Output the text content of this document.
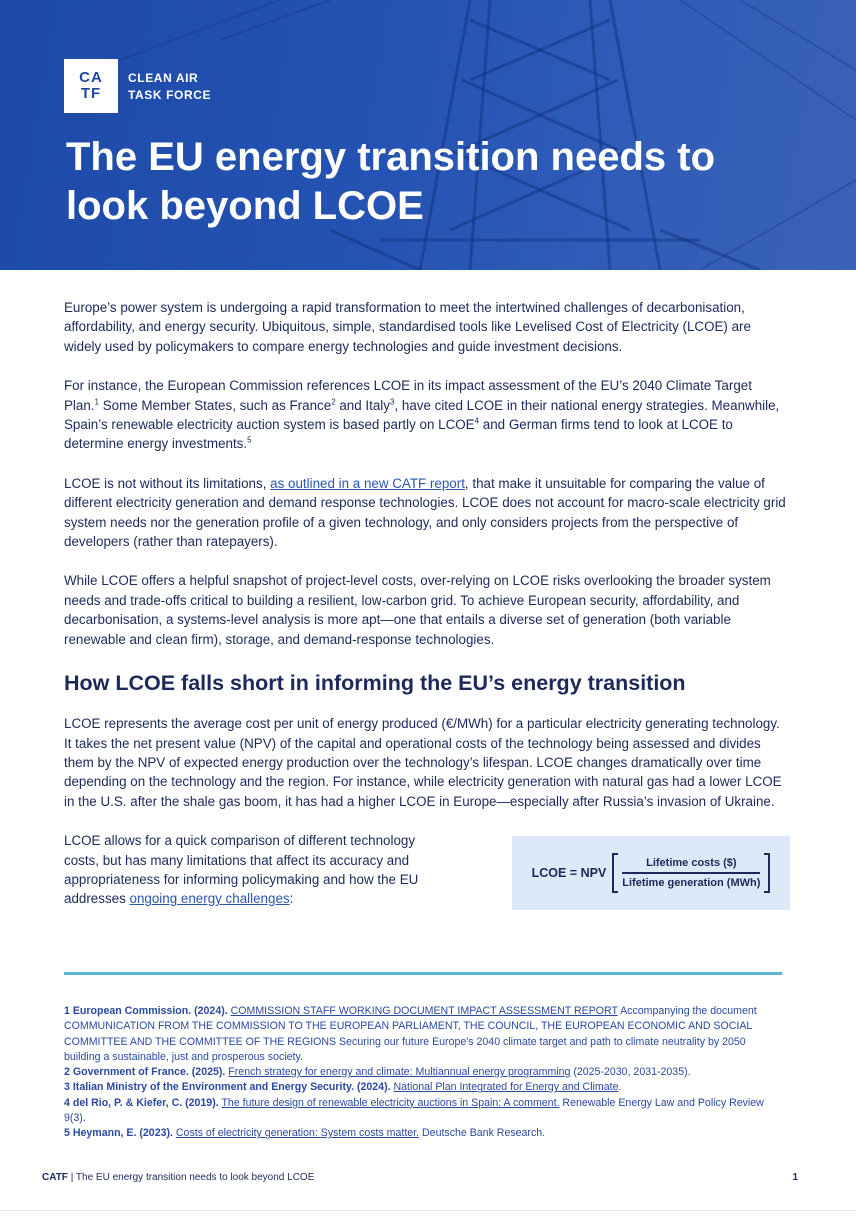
CA
TF
CLEAN AIR
TASK FORCE
The EU energy transition needs to look beyond LCOE

Europe’s power system is undergoing a rapid transformation to meet the intertwined challenges of decarbonisation, affordability, and energy security. Ubiquitous, simple, standardised tools like Levelised Cost of Electricity (LCOE) are widely used by policymakers to compare energy technologies and guide investment decisions.

For instance, the European Commission references LCOE in its impact assessment of the EU’s 2040 Climate Target Plan.$^1$ Some Member States, such as France$^2$ and Italy$^3$, have cited LCOE in their national energy strategies. Meanwhile, Spain’s renewable electricity auction system is based partly on LCOE$^4$ and German firms tend to look at LCOE to determine energy investments.$^5$

LCOE is not without its limitations, as outlined in a new CATF report, that make it unsuitable for comparing the value of different electricity generation and demand response technologies. LCOE does not account for macro-scale electricity grid system needs nor the generation profile of a given technology, and only considers projects from the perspective of developers (rather than ratepayers).

While LCOE offers a helpful snapshot of project-level costs, over-relying on LCOE risks overlooking the broader system needs and trade-offs critical to building a resilient, low-carbon grid. To achieve European security, affordability, and decarbonisation, a systems-level analysis is more apt—one that entails a diverse set of generation (both variable renewable and clean firm), storage, and demand-response technologies.

How LCOE falls short in informing the EU’s energy transition

LCOE represents the average cost per unit of energy produced (€/MWh) for a particular electricity generating technology. It takes the net present value (NPV) of the capital and operational costs of the technology being assessed and divides them by the NPV of expected energy production over the technology’s lifespan. LCOE changes dramatically over time depending on the technology and the region. For instance, while electricity generation with natural gas had a lower LCOE in the U.S. after the shale gas boom, it has had a higher LCOE in Europe—especially after Russia’s invasion of Ukraine.

LCOE allows for a quick comparison of different technology costs, but has many limitations that affect its accuracy and appropriateness for informing policymaking and how the EU addresses ongoing energy challenges:

LCOE = NPV $\frac{\text{Lifetime costs (\$)}}{\text{Lifetime generation (MWh)}}$
1 European Commission. (2024). COMMISSION STAFF WORKING DOCUMENT IMPACT ASSESSMENT REPORT Accompanying the document COMMUNICATION FROM THE COMMISSION TO THE EUROPEAN PARLIAMENT, THE COUNCIL, THE EUROPEAN ECONOMIC AND SOCIAL COMMITTEE AND THE COMMITTEE OF THE REGIONS Securing our future Europe's 2040 climate target and path to climate neutrality by 2050 building a sustainable, just and prosperous society.
2 Government of France. (2025). French strategy for energy and climate: Multiannual energy programming (2025-2030, 2031-2035).
3 Italian Ministry of the Environment and Energy Security. (2024). National Plan Integrated for Energy and Climate.
4 del Rio, P. & Kiefer, C. (2019). The future design of renewable electricity auctions in Spain: A comment. Renewable Energy Law and Policy Review 9(3).
5 Heymann, E. (2023). Costs of electricity generation: System costs matter. Deutsche Bank Research.
CATF | The EU energy transition needs to look beyond LCOE	1
